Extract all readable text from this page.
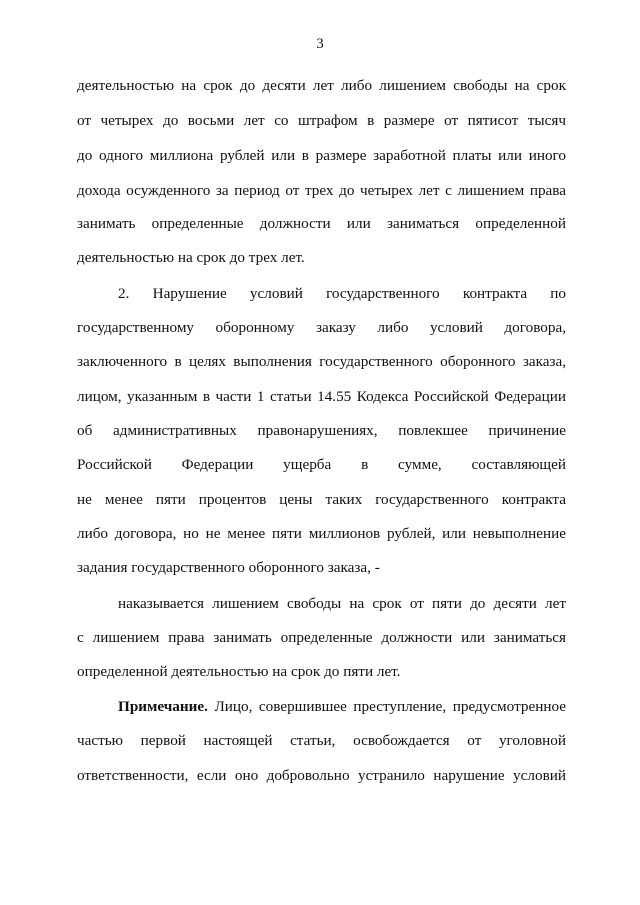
3
деятельностью на срок до десяти лет либо лишением свободы на срок
от четырех до восьми лет со штрафом в размере от пятисот тысяч
до одного миллиона рублей или в размере заработной платы или иного
дохода осужденного за период от трех до четырех лет с лишением права
занимать определенные должности или заниматься определенной
деятельностью на срок до трех лет.
2. Нарушение условий государственного контракта по
государственному оборонному заказу либо условий договора,
заключенного в целях выполнения государственного оборонного заказа,
лицом, указанным в части 1 статьи 14.55 Кодекса Российской Федерации
об административных правонарушениях, повлекшее причинение
Российской Федерации ущерба в сумме, составляющей
не менее пяти процентов цены таких государственного контракта
либо договора, но не менее пяти миллионов рублей, или невыполнение
задания государственного оборонного заказа, -
наказывается лишением свободы на срок от пяти до десяти лет
с лишением права занимать определенные должности или заниматься
определенной деятельностью на срок до пяти лет.
Примечание. Лицо, совершившее преступление, предусмотренное
частью первой настоящей статьи, освобождается от уголовной
ответственности, если оно добровольно устранило нарушение условий
